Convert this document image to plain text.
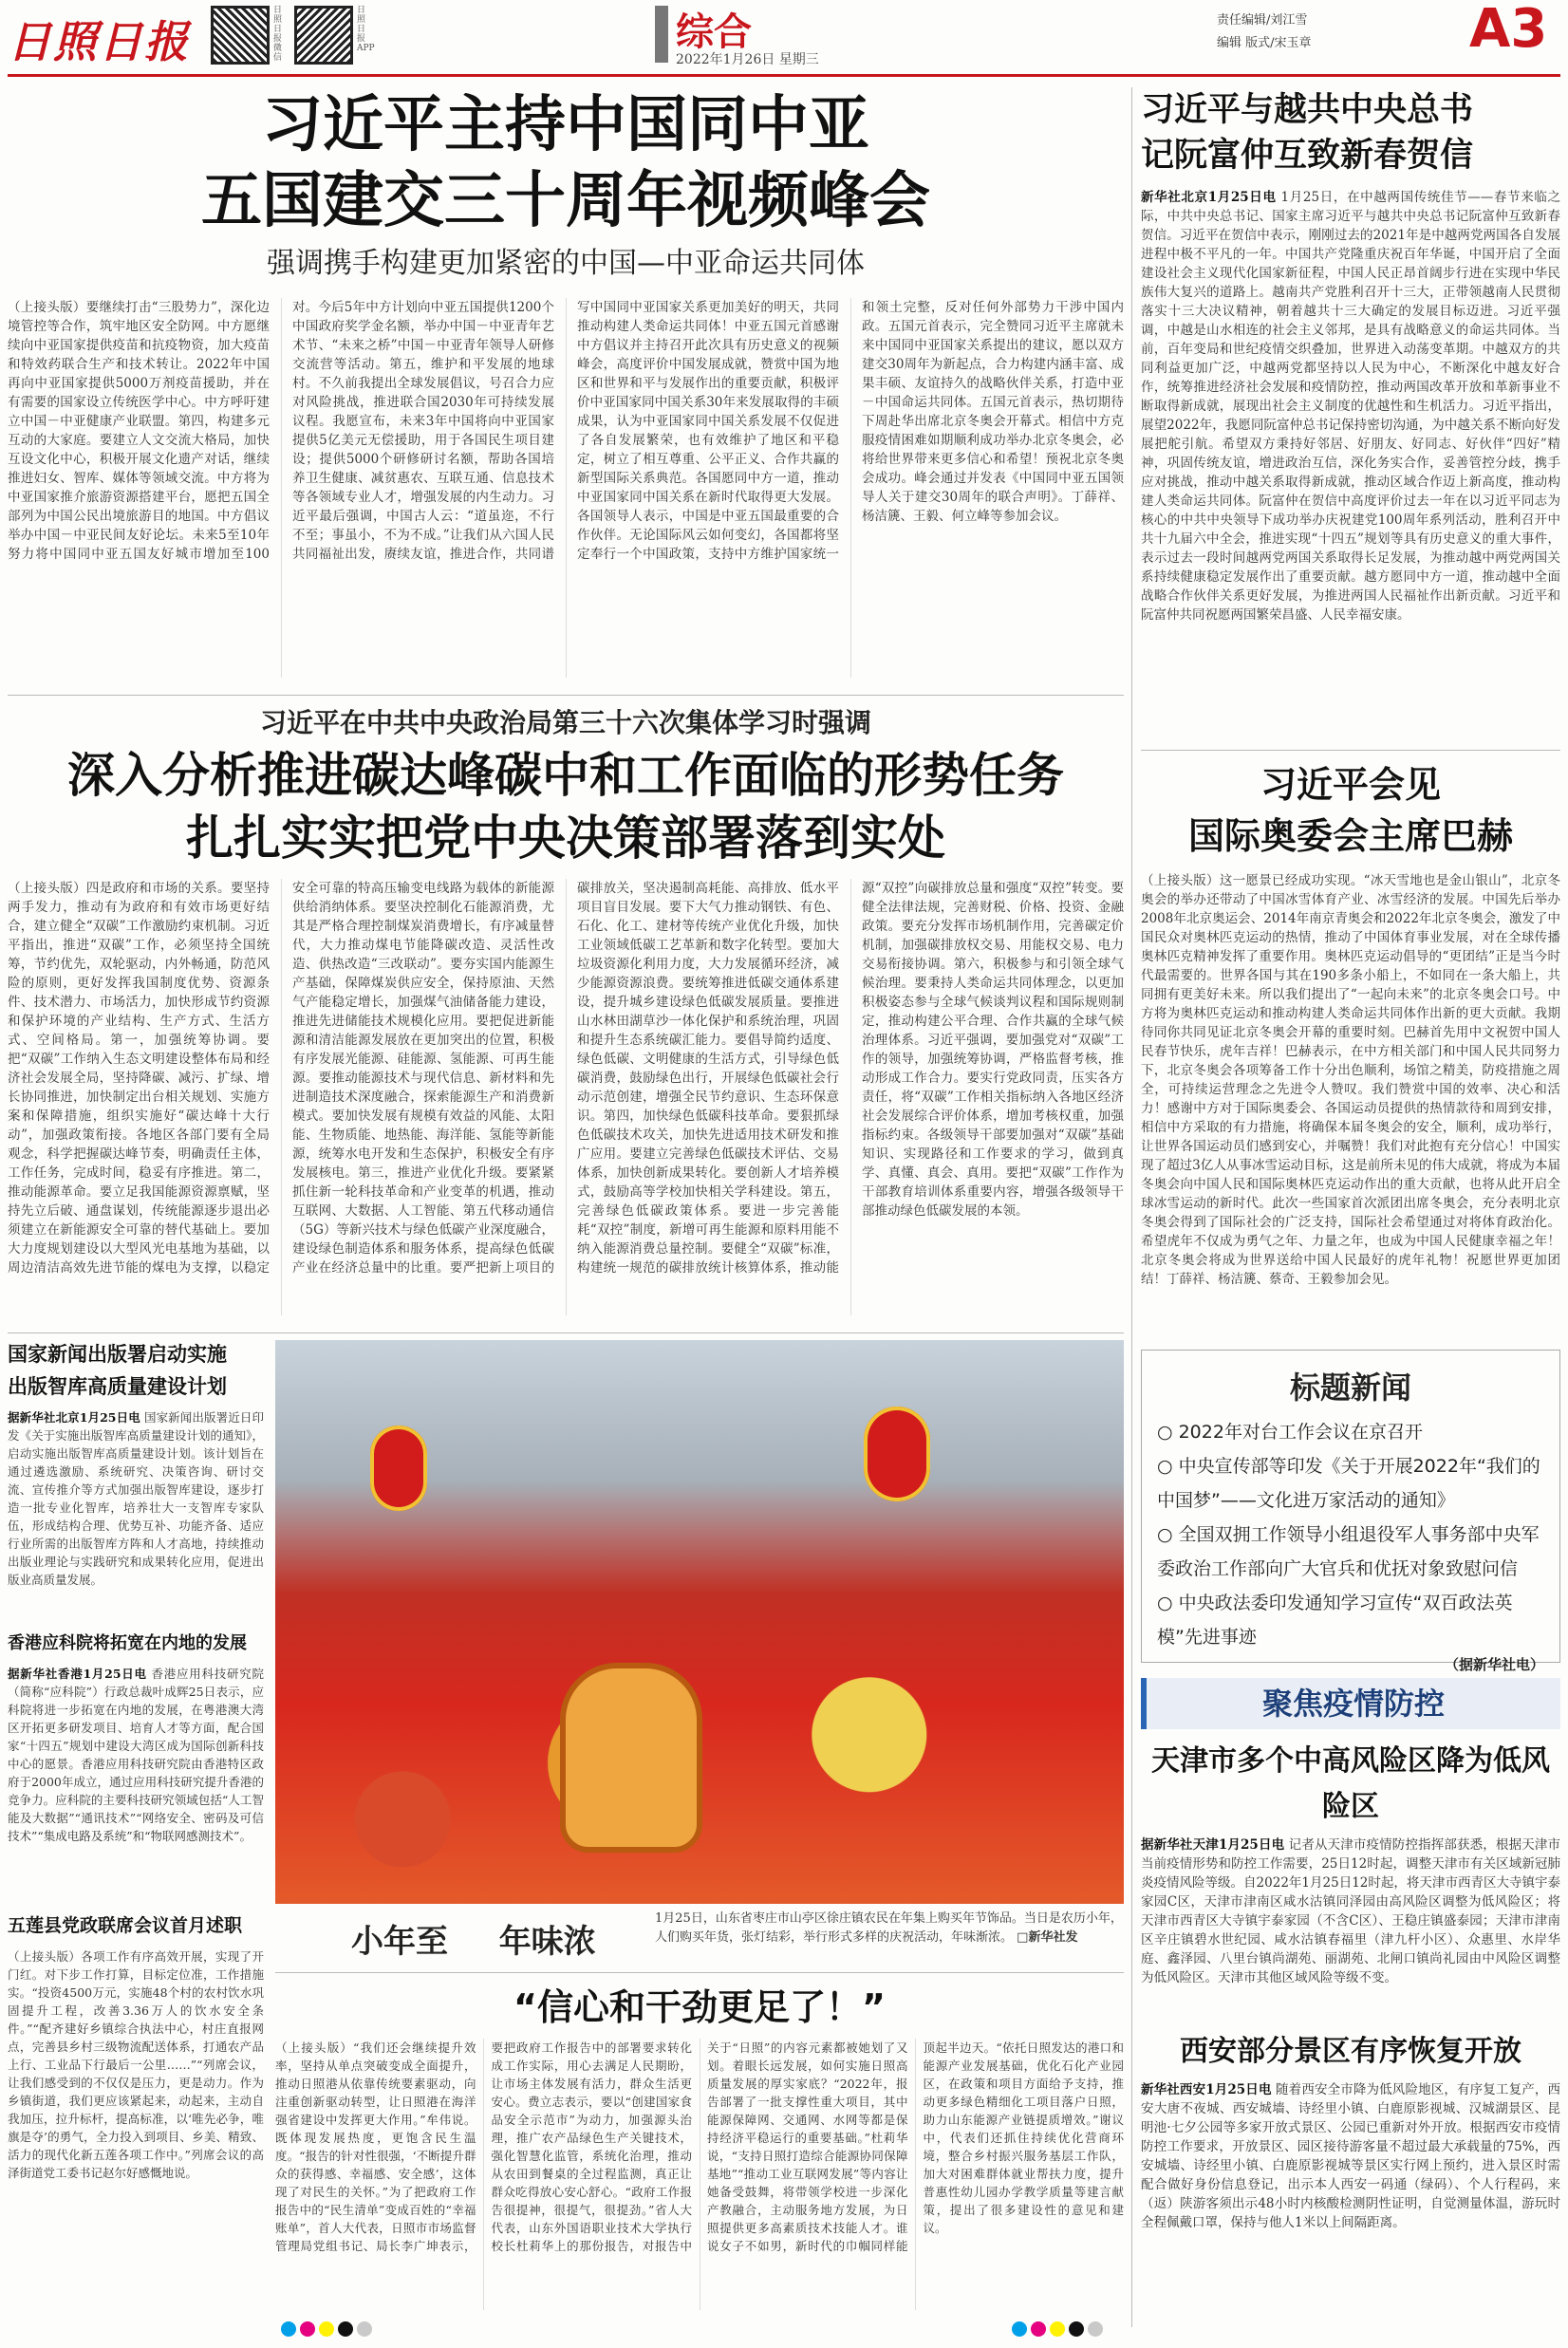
日照日报
日照日报微信
日照日报APP	综合
2022年1月26日 星期三
责任编辑/刘江雪
编辑 版式/宋玉章	A3
习近平主持中国同中亚
五国建交三十周年视频峰会
强调携手构建更加紧密的中国—中亚命运共同体
（上接头版）要继续打击“三股势力”，深化边境管控等合作，筑牢地区安全防网。中方愿继续向中亚国家提供疫苗和抗疫物资，加大疫苗和特效药联合生产和技术转让。2022年中国再向中亚国家提供5000万剂疫苗援助，并在有需要的国家设立传统医学中心。中方呼吁建立中国－中亚健康产业联盟。第四，构建多元互动的大家庭。要建立人文交流大格局，加快互设文化中心，积极开展文化遗产对话，继续推进妇女、智库、媒体等领域交流。中方将为中亚国家推介旅游资源搭建平台，愿把五国全部列为中国公民出境旅游目的地国。中方倡议举办中国－中亚民间友好论坛。未来5至10年努力将中国同中亚五国友好城市增加至100对。今后5年中方计划向中亚五国提供1200个中国政府奖学金名额，举办中国－中亚青年艺术节、“未来之桥”中国－中亚青年领导人研修交流营等活动。第五，维护和平发展的地球村。不久前我提出全球发展倡议，号召合力应对风险挑战，推进联合国2030年可持续发展议程。我愿宣布，未来3年中国将向中亚国家提供5亿美元无偿援助，用于各国民生项目建设；提供5000个研修研讨名额，帮助各国培养卫生健康、减贫惠农、互联互通、信息技术等各领域专业人才，增强发展的内生动力。习近平最后强调，中国古人云：“道虽迩，不行不至；事虽小，不为不成。”让我们从六国人民共同福祉出发，赓续友谊，推进合作，共同谱写中国同中亚国家关系更加美好的明天，共同推动构建人类命运共同体！中亚五国元首感谢中方倡议并主持召开此次具有历史意义的视频峰会，高度评价中国发展成就，赞赏中国为地区和世界和平与发展作出的重要贡献，积极评价中亚国家同中国关系30年来发展取得的丰硕成果，认为中亚国家同中国关系发展不仅促进了各自发展繁荣，也有效维护了地区和平稳定，树立了相互尊重、公平正义、合作共赢的新型国际关系典范。各国愿同中方一道，推动中亚国家同中国关系在新时代取得更大发展。各国领导人表示，中国是中亚五国最重要的合作伙伴。无论国际风云如何变幻，各国都将坚定奉行一个中国政策，支持中方维护国家统一和领土完整，反对任何外部势力干涉中国内政。五国元首表示，完全赞同习近平主席就未来中国同中亚国家关系提出的建议，愿以双方建交30周年为新起点，合力构建内涵丰富、成果丰硕、友谊持久的战略伙伴关系，打造中亚－中国命运共同体。五国元首表示，热切期待下周赴华出席北京冬奥会开幕式。相信中方克服疫情困难如期顺利成功举办北京冬奥会，必将给世界带来更多信心和希望！预祝北京冬奥会成功。峰会通过并发表《中国同中亚五国领导人关于建交30周年的联合声明》。丁薛祥、杨洁篪、王毅、何立峰等参加会议。
习近平与越共中央总书
记阮富仲互致新春贺信
新华社北京1月25日电 1月25日，在中越两国传统佳节——春节来临之际，中共中央总书记、国家主席习近平与越共中央总书记阮富仲互致新春贺信。习近平在贺信中表示，刚刚过去的2021年是中越两党两国各自发展进程中极不平凡的一年。中国共产党隆重庆祝百年华诞，中国开启了全面建设社会主义现代化国家新征程，中国人民正昂首阔步行进在实现中华民族伟大复兴的道路上。越南共产党胜利召开十三大，正带领越南人民贯彻落实十三大决议精神，朝着越共十三大确定的发展目标迈进。习近平强调，中越是山水相连的社会主义邻邦，是具有战略意义的命运共同体。当前，百年变局和世纪疫情交织叠加，世界进入动荡变革期。中越双方的共同利益更加广泛，中越两党都坚持以人民为中心，不断深化中越友好合作，统筹推进经济社会发展和疫情防控，推动两国改革开放和革新事业不断取得新成就，展现出社会主义制度的优越性和生机活力。习近平指出，展望2022年，我愿同阮富仲总书记保持密切沟通，为中越关系不断向好发展把舵引航。希望双方秉持好邻居、好朋友、好同志、好伙伴“四好”精神，巩固传统友谊，增进政治互信，深化务实合作，妥善管控分歧，携手应对挑战，推动中越关系取得新成就，推动区域合作迈上新高度，推动构建人类命运共同体。阮富仲在贺信中高度评价过去一年在以习近平同志为核心的中共中央领导下成功举办庆祝建党100周年系列活动，胜利召开中共十九届六中全会，推进实现“十四五”规划等具有历史意义的重大事件，表示过去一段时间越两党两国关系取得长足发展，为推动越中两党两国关系持续健康稳定发展作出了重要贡献。越方愿同中方一道，推动越中全面战略合作伙伴关系更好发展，为推进两国人民福祉作出新贡献。习近平和阮富仲共同祝愿两国繁荣昌盛、人民幸福安康。
习近平在中共中央政治局第三十六次集体学习时强调
深入分析推进碳达峰碳中和工作面临的形势任务
扎扎实实把党中央决策部署落到实处
（上接头版）四是政府和市场的关系。要坚持两手发力，推动有为政府和有效市场更好结合，建立健全“双碳”工作激励约束机制。习近平指出，推进“双碳”工作，必须坚持全国统筹，节约优先，双轮驱动，内外畅通，防范风险的原则，更好发挥我国制度优势、资源条件、技术潜力、市场活力，加快形成节约资源和保护环境的产业结构、生产方式、生活方式、空间格局。第一，加强统筹协调。要把“双碳”工作纳入生态文明建设整体布局和经济社会发展全局，坚持降碳、减污、扩绿、增长协同推进，加快制定出台相关规划、实施方案和保障措施，组织实施好“碳达峰十大行动”，加强政策衔接。各地区各部门要有全局观念，科学把握碳达峰节奏，明确责任主体，工作任务，完成时间，稳妥有序推进。第二，推动能源革命。要立足我国能源资源禀赋，坚持先立后破、通盘谋划，传统能源逐步退出必须建立在新能源安全可靠的替代基础上。要加大力度规划建设以大型风光电基地为基础，以周边清洁高效先进节能的煤电为支撑，以稳定安全可靠的特高压输变电线路为载体的新能源供给消纳体系。要坚决控制化石能源消费，尤其是严格合理控制煤炭消费增长，有序减量替代，大力推动煤电节能降碳改造、灵活性改造、供热改造“三改联动”。要夯实国内能源生产基础，保障煤炭供应安全，保持原油、天然气产能稳定增长，加强煤气油储备能力建设，推进先进储能技术规模化应用。要把促进新能源和清洁能源发展放在更加突出的位置，积极有序发展光能源、硅能源、氢能源、可再生能源。要推动能源技术与现代信息、新材料和先进制造技术深度融合，探索能源生产和消费新模式。要加快发展有规模有效益的风能、太阳能、生物质能、地热能、海洋能、氢能等新能源，统筹水电开发和生态保护，积极安全有序发展核电。第三，推进产业优化升级。要紧紧抓住新一轮科技革命和产业变革的机遇，推动互联网、大数据、人工智能、第五代移动通信（5G）等新兴技术与绿色低碳产业深度融合，建设绿色制造体系和服务体系，提高绿色低碳产业在经济总量中的比重。要严把新上项目的碳排放关，坚决遏制高耗能、高排放、低水平项目盲目发展。要下大气力推动钢铁、有色、石化、化工、建材等传统产业优化升级，加快工业领域低碳工艺革新和数字化转型。要加大垃圾资源化利用力度，大力发展循环经济，减少能源资源浪费。要统筹推进低碳交通体系建设，提升城乡建设绿色低碳发展质量。要推进山水林田湖草沙一体化保护和系统治理，巩固和提升生态系统碳汇能力。要倡导简约适度、绿色低碳、文明健康的生活方式，引导绿色低碳消费，鼓励绿色出行，开展绿色低碳社会行动示范创建，增强全民节约意识、生态环保意识。第四，加快绿色低碳科技革命。要狠抓绿色低碳技术攻关，加快先进适用技术研发和推广应用。要建立完善绿色低碳技术评估、交易体系，加快创新成果转化。要创新人才培养模式，鼓励高等学校加快相关学科建设。第五，完善绿色低碳政策体系。要进一步完善能耗“双控”制度，新增可再生能源和原料用能不纳入能源消费总量控制。要健全“双碳”标准，构建统一规范的碳排放统计核算体系，推动能源“双控”向碳排放总量和强度“双控”转变。要健全法律法规，完善财税、价格、投资、金融政策。要充分发挥市场机制作用，完善碳定价机制，加强碳排放权交易、用能权交易、电力交易衔接协调。第六，积极参与和引领全球气候治理。要秉持人类命运共同体理念，以更加积极姿态参与全球气候谈判议程和国际规则制定，推动构建公平合理、合作共赢的全球气候治理体系。习近平强调，要加强党对“双碳”工作的领导，加强统筹协调，严格监督考核，推动形成工作合力。要实行党政同责，压实各方责任，将“双碳”工作相关指标纳入各地区经济社会发展综合评价体系，增加考核权重，加强指标约束。各级领导干部要加强对“双碳”基础知识、实现路径和工作要求的学习，做到真学、真懂、真会、真用。要把“双碳”工作作为干部教育培训体系重要内容，增强各级领导干部推动绿色低碳发展的本领。
习近平会见
国际奥委会主席巴赫
（上接头版）这一愿景已经成功实现。“冰天雪地也是金山银山”，北京冬奥会的举办还带动了中国冰雪体育产业、冰雪经济的发展。中国先后举办2008年北京奥运会、2014年南京青奥会和2022年北京冬奥会，激发了中国民众对奥林匹克运动的热情，推动了中国体育事业发展，对在全球传播奥林匹克精神发挥了重要作用。奥林匹克运动倡导的“更团结”正是当今时代最需要的。世界各国与其在190多条小船上，不如同在一条大船上，共同拥有更美好未来。所以我们提出了“一起向未来”的北京冬奥会口号。中方将为奥林匹克运动和推动构建人类命运共同体作出新的更大贡献。我期待同你共同见证北京冬奥会开幕的重要时刻。巴赫首先用中文祝贺中国人民春节快乐，虎年吉祥！巴赫表示，在中方相关部门和中国人民共同努力下，北京冬奥会各项筹备工作十分出色顺利，场馆之精美，防疫措施之周全，可持续运营理念之先进令人赞叹。我们赞赏中国的效率、决心和活力！感谢中方对于国际奥委会、各国运动员提供的热情款待和周到安排，相信中方采取的有力措施，将确保本届冬奥会的安全，顺利，成功举行，让世界各国运动员们感到安心，并嘱赞！我们对此抱有充分信心！中国实现了超过3亿人从事冰雪运动目标，这是前所未见的伟大成就，将成为本届冬奥会向中国人民和国际奥林匹克运动作出的重大贡献，也将从此开启全球冰雪运动的新时代。此次一些国家首次派团出席冬奥会，充分表明北京冬奥会得到了国际社会的广泛支持，国际社会希望通过对将体育政治化。希望虎年不仅成为勇气之年、力量之年，也成为中国人民健康幸福之年！北京冬奥会将成为世界送给中国人民最好的虎年礼物！祝愿世界更加团结！丁薛祥、杨洁篪、蔡奇、王毅参加会见。
标题新闻
○ 2022年对台工作会议在京召开
○ 中央宣传部等印发《关于开展2022年“我们的中国梦”——文化进万家活动的通知》
○ 全国双拥工作领导小组退役军人事务部中央军委政治工作部向广大官兵和优抚对象致慰问信
○ 中央政法委印发通知学习宣传“双百政法英模”先进事迹
（据新华社电）
聚焦疫情防控
天津市多个中高风险区降为低风险区
据新华社天津1月25日电 记者从天津市疫情防控指挥部获悉，根据天津市当前疫情形势和防控工作需要，25日12时起，调整天津市有关区域新冠肺炎疫情风险等级。自2022年1月25日12时起，将天津市西青区大寺镇宇泰家园C区，天津市津南区咸水沽镇同泽园由高风险区调整为低风险区；将天津市西青区大寺镇宇泰家园（不含C区）、王稳庄镇盛泰园；天津市津南区辛庄镇碧水世纪园、咸水沽镇春福里（津九杆小区）、众惠里、水岸华庭、鑫泽园、八里台镇尚湖苑、丽湖苑、北闸口镇尚礼园由中风险区调整为低风险区。天津市其他区域风险等级不变。
西安部分景区有序恢复开放
新华社西安1月25日电 随着西安全市降为低风险地区，有序复工复产，西安大唐不夜城、西安城墙、诗经里小镇、白鹿原影视城、汉城湖景区、昆明池·七夕公园等多家开放式景区、公园已重新对外开放。根据西安市疫情防控工作要求，开放景区、园区接待游客量不超过最大承载量的75%，西安城墙、诗经里小镇、白鹿原影视城等景区实行网上预约，进入景区时需配合做好身份信息登记，出示本人西安一码通（绿码）、个人行程码，来（返）陕游客须出示48小时内核酸检测阴性证明，自觉测量体温，游玩时全程佩戴口罩，保持与他人1米以上间隔距离。
国家新闻出版署启动实施
出版智库高质量建设计划
据新华社北京1月25日电 国家新闻出版署近日印发《关于实施出版智库高质量建设计划的通知》，启动实施出版智库高质量建设计划。该计划旨在通过遴选激励、系统研究、决策咨询、研讨交流、宣传推介等方式加强出版智库建设，逐步打造一批专业化智库，培养壮大一支智库专家队伍，形成结构合理、优势互补、功能齐备、适应行业所需的出版智库方阵和人才高地，持续推动出版业理论与实践研究和成果转化应用，促进出版业高质量发展。
香港应科院将拓宽在内地的发展
据新华社香港1月25日电 香港应用科技研究院（简称“应科院”）行政总裁叶成辉25日表示，应科院将进一步拓宽在内地的发展，在粤港澳大湾区开拓更多研发项目、培育人才等方面，配合国家“十四五”规划中建设大湾区成为国际创新科技中心的愿景。香港应用科技研究院由香港特区政府于2000年成立，通过应用科技研究提升香港的竞争力。应科院的主要科技研究领域包括“人工智能及大数据”“通讯技术”“网络安全、密码及可信技术”“集成电路及系统”和“物联网感测技术”。
五莲县党政联席会议首月述职
（上接头版）各项工作有序高效开展，实现了开门红。对下步工作打算，目标定位准，工作措施实。“投资4500万元，实施48个村的农村饮水巩固提升工程，改善3.36万人的饮水安全条件。”“配齐建好乡镇综合执法中心，村庄直报网点，完善县乡村三级物流配送体系，打通农产品上行、工业品下行最后一公里……”“列席会议，让我们感受到的不仅仅是压力，更是动力。作为乡镇街道，我们更应该紧起来，动起来，主动自我加压，拉升标杆，提高标准，以‘唯先必争，唯旗是夺’的勇气，全力投入到项目、乡美、精致、活力的现代化新五莲各项工作中。”列席会议的高泽街道党工委书记赵尔好感慨地说。
小年至 年味浓
1月25日，山东省枣庄市山亭区徐庄镇农民在年集上购买年节饰品。当日是农历小年，人们购买年货，张灯结彩，举行形式多样的庆祝活动，年味渐浓。 □新华社发
“信心和干劲更足了！”
（上接头版）“我们还会继续提升效率，坚持从单点突破变成全面提升，推动日照港从依靠传统要素驱动，向注重创新驱动转型，让日照港在海洋强省建设中发挥更大作用。”牟伟说。既体现发展热度，更饱含民生温度。“报告的针对性很强，‘不断提升群众的获得感、幸福感、安全感’，这体现了对民生的关怀。”为了把政府工作报告中的“民生清单”变成百姓的“幸福账单”，首人大代表，日照市市场监督管理局党组书记、局长李广坤表示，要把政府工作报告中的部署要求转化成工作实际，用心去满足人民期盼，让市场主体发展有活力，群众生活更安心。费立志表示，要以“创建国家食品安全示范市”为动力，加强源头治理，推广农产品绿色生产关键技术，强化智慧化监管，系统化治理，推动从农田到餐桌的全过程监测，真正让群众吃得放心安心舒心。“政府工作报告很提神，很提气，很提劲。”省人大代表，山东外国语职业技术大学执行校长杜莉华上的那份报告，对报告中关于“日照”的内容元素都被她划了又划。着眼长远发展，如何实施日照高质量发展的厚实家底？“2022年，报告部署了一批支撑性重大项目，其中能源保障网、交通网、水网等都是保持经济平稳运行的重要基础。”杜莉华说，“支持日照打造综合能源协同保障基地”“推动工业互联网发展”等内容让她备受鼓舞，将带领学校进一步深化产教融合，主动服务地方发展，为日照提供更多高素质技术技能人才。谁说女子不如男，新时代的巾帼同样能顶起半边天。“依托日照发达的港口和能源产业发展基础，优化石化产业园区，在政策和项目方面给予支持，推动更多绿色精细化工项目落户日照，助力山东能源产业链提质增效。”谢议中，代表们还抓住持续优化营商环境，整合乡村振兴服务基层工作队，加大对困难群体就业帮扶力度，提升普惠性幼儿园办学教学质量等建言献策，提出了很多建设性的意见和建议。
